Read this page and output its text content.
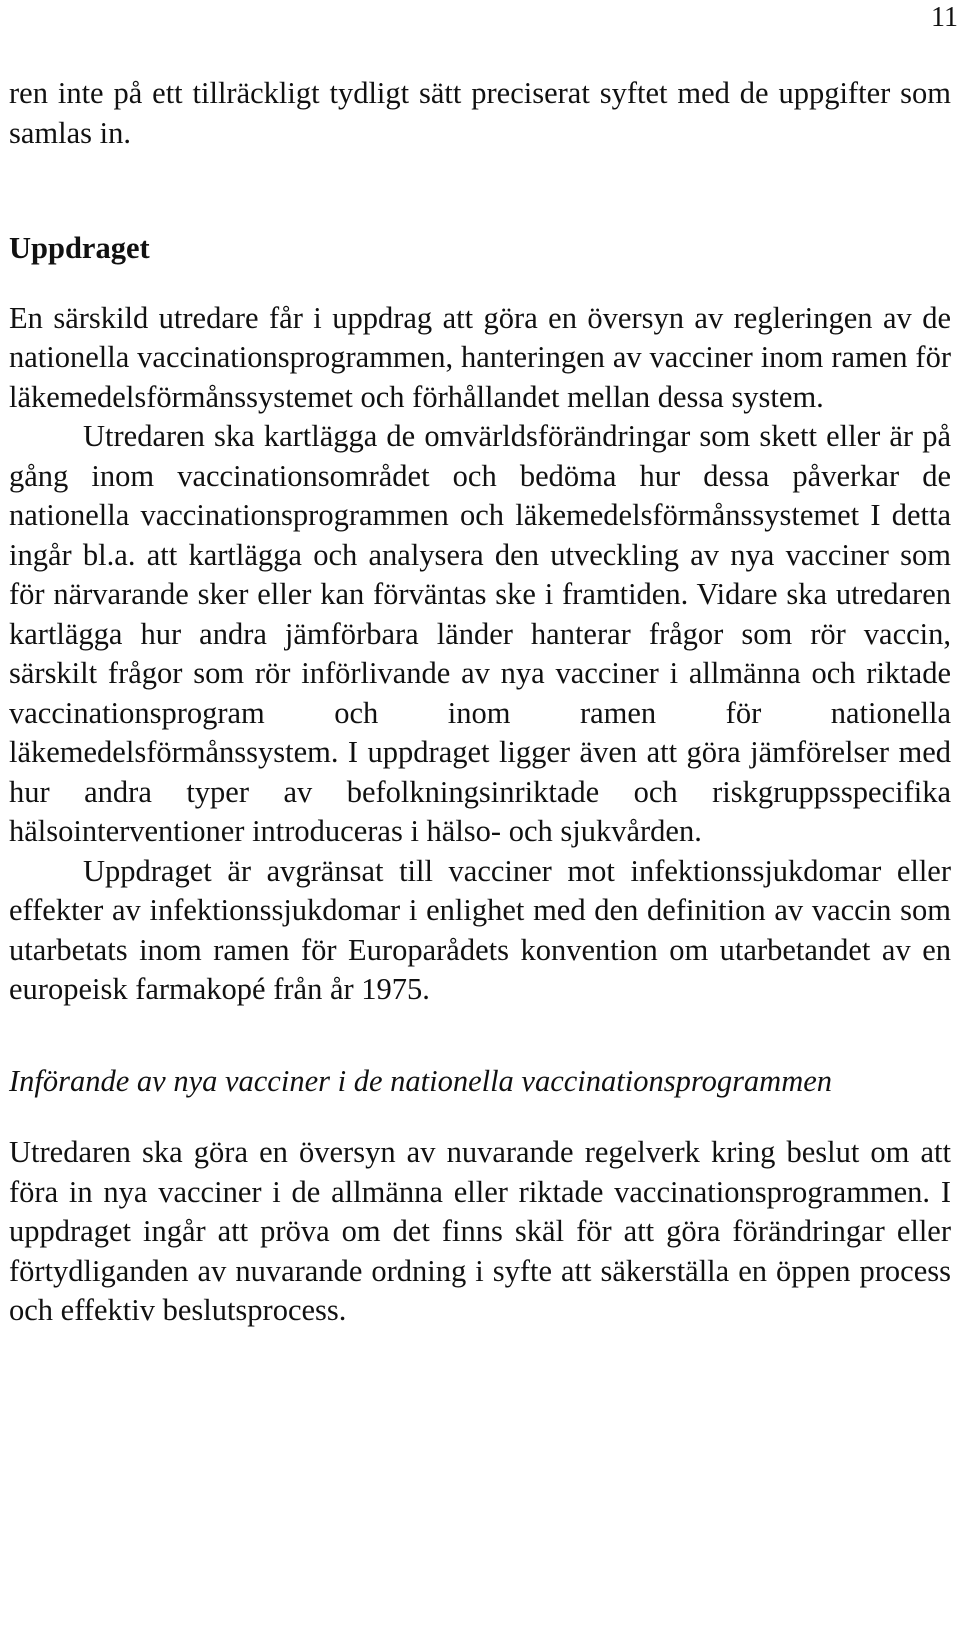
11

ren inte på ett tillräckligt tydligt sätt preciserat syftet med de uppgifter som samlas in.

Uppdraget

En särskild utredare får i uppdrag att göra en översyn av regleringen av de nationella vaccinationsprogrammen, hanteringen av vacciner inom ramen för läkemedelsförmånssystemet och förhållandet mellan dessa system.

Utredaren ska kartlägga de omvärldsförändringar som skett eller är på gång inom vaccinationsområdet och bedöma hur dessa påverkar de nationella vaccinationsprogrammen och läkemedelsförmånssystemet I detta ingår bl.a. att kartlägga och analysera den utveckling av nya vacciner som för närvarande sker eller kan förväntas ske i framtiden. Vidare ska utredaren kartlägga hur andra jämförbara länder hanterar frågor som rör vaccin, särskilt frågor som rör införlivande av nya vacciner i allmänna och riktade vaccinationsprogram och inom ramen för nationella läkemedelsförmånssystem. I uppdraget ligger även att göra jämförelser med hur andra typer av befolkningsinriktade och riskgruppsspecifika hälsointerventioner introduceras i hälso- och sjukvården.

Uppdraget är avgränsat till vacciner mot infektionssjukdomar eller effekter av infektionssjukdomar i enlighet med den definition av vaccin som utarbetats inom ramen för Europarådets konvention om utarbetandet av en europeisk farmakopé från år 1975.

Införande av nya vacciner i de nationella vaccinationsprogrammen

Utredaren ska göra en översyn av nuvarande regelverk kring beslut om att föra in nya vacciner i de allmänna eller riktade vaccinationsprogrammen. I uppdraget ingår att pröva om det finns skäl för att göra förändringar eller förtydliganden av nuvarande ordning i syfte att säkerställa en öppen process och effektiv beslutsprocess.
